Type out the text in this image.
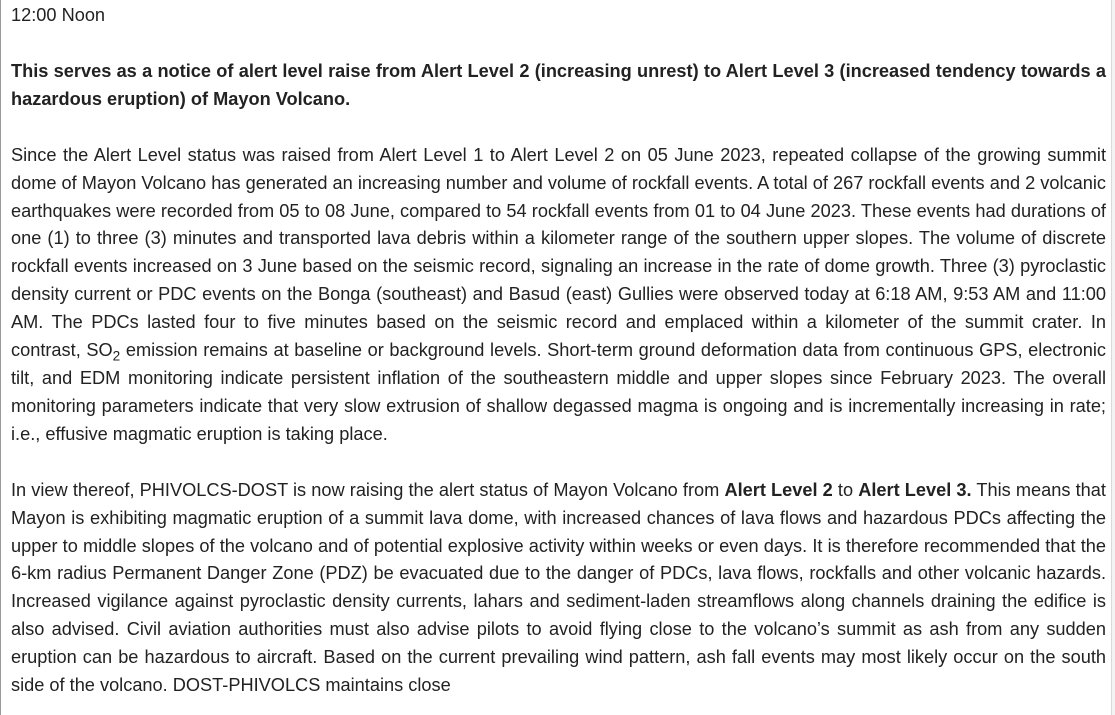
12:00 Noon

This serves as a notice of alert level raise from Alert Level 2 (increasing unrest) to Alert Level 3 (increased tendency towards a hazardous eruption) of Mayon Volcano.

Since the Alert Level status was raised from Alert Level 1 to Alert Level 2 on 05 June 2023, repeated collapse of the growing summit dome of Mayon Volcano has generated an increasing number and volume of rockfall events. A total of 267 rockfall events and 2 volcanic earthquakes were recorded from 05 to 08 June, compared to 54 rockfall events from 01 to 04 June 2023. These events had durations of one (1) to three (3) minutes and transported lava debris within a kilometer range of the southern upper slopes. The volume of discrete rockfall events increased on 3 June based on the seismic record, signaling an increase in the rate of dome growth. Three (3) pyroclastic density current or PDC events on the Bonga (southeast) and Basud (east) Gullies were observed today at 6:18 AM, 9:53 AM and 11:00 AM. The PDCs lasted four to five minutes based on the seismic record and emplaced within a kilometer of the summit crater. In contrast, $SO_2$ emission remains at baseline or background levels. Short-term ground deformation data from continuous GPS, electronic tilt, and EDM monitoring indicate persistent inflation of the southeastern middle and upper slopes since February 2023. The overall monitoring parameters indicate that very slow extrusion of shallow degassed magma is ongoing and is incrementally increasing in rate; i.e., effusive magmatic eruption is taking place.

In view thereof, PHIVOLCS-DOST is now raising the alert status of Mayon Volcano from Alert Level 2 to Alert Level 3. This means that Mayon is exhibiting magmatic eruption of a summit lava dome, with increased chances of lava flows and hazardous PDCs affecting the upper to middle slopes of the volcano and of potential explosive activity within weeks or even days. It is therefore recommended that the 6-km radius Permanent Danger Zone (PDZ) be evacuated due to the danger of PDCs, lava flows, rockfalls and other volcanic hazards. Increased vigilance against pyroclastic density currents, lahars and sediment-laden streamflows along channels draining the edifice is also advised. Civil aviation authorities must also advise pilots to avoid flying close to the volcano’s summit as ash from any sudden eruption can be hazardous to aircraft. Based on the current prevailing wind pattern, ash fall events may most likely occur on the south side of the volcano. DOST-PHIVOLCS maintains close
